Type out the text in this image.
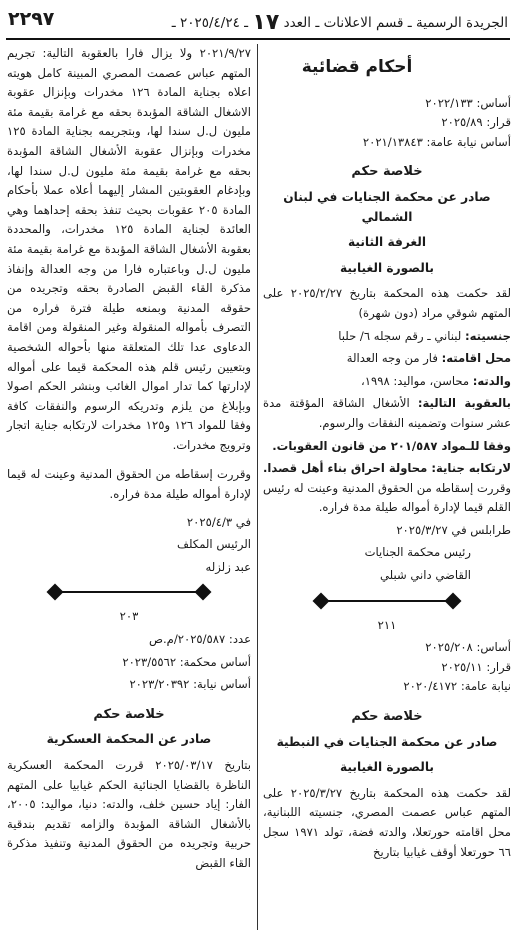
الجريدة الرسمية ـ قسم الاعلانات ـ العدد ١٧ ـ ٢٠٢٥/٤/٢٤ ـ
٢٢٩٧

أحكام قضائية

أساس: ٢٠٢٢/١٣٣

قرار: ٢٠٢٥/٨٩

أساس نيابة عامة: ٢٠٢١/١٣٨٤٣

خلاصة حكم

صادر عن محكمة الجنايات في لبنان الشمالي

الغرفة الثانية

بالصورة الغيابية

لقد حكمت هذه المحكمة بتاريخ ٢٠٢٥/٢/٢٧ على المتهم شوقي مراد (دون شهرة)

جنسيته: لبناني ـ رقم سجله ٦/ حلبا

محل اقامته: فار من وجه العدالة

والدته: محاسن، مواليد: ١٩٩٨،

بالعقوبة التالية: الأشغال الشاقة المؤقتة مدة عشر سنوات وتضمينه النفقات والرسوم.

وفقا للـمواد ٢٠١/٥٨٧ من قانون العقوبات.

لارتكابه جناية: محاولة احراق بناء أهل قصدا.

وقررت إسقاطه من الحقوق المدنية وعينت له رئيس القلم قيما لإدارة أمواله طيلة مدة فراره.

طرابلس في ٢٠٢٥/٣/٢٧

رئيس محكمة الجنايات

القاضي داني شبلي

٢١١

أساس: ٢٠٢٥/٢٠٨

قرار: ٢٠٢٥/١١

نيابة عامة: ٢٠٢٠/٤١٧٢

خلاصة حكم

صادر عن محكمة الجنايات في النبطية

بالصورة الغيابية

لقد حكمت هذه المحكمة بتاريخ ٢٠٢٥/٣/٢٧ على المتهم عباس عصمت المصري، جنسيته اللبنانية، محل اقامته حورتعلا، والدته فضة، تولد ١٩٧١ سجل ٦٦ حورتعلا أوقف غيابيا بتاريخ

٢٠٢١/٩/٢٧ ولا يزال فارا بالعقوبة التالية: تجريم المتهم عباس عصمت المصري المبينة كامل هويته اعلاه بجناية المادة ١٢٦ مخدرات وبإنزال عقوبة الاشغال الشاقة المؤبدة بحقه مع غرامة بقيمة مئة مليون ل.ل سندا لها، وبتجريمه بجناية المادة ١٢٥ مخدرات وبإنزال عقوبة الأشغال الشاقة المؤبدة بحقه مع غرامة بقيمة مئة مليون ل.ل سندا لها، وبإدغام العقوبتين المشار إليهما أعلاه عملا بأحكام المادة ٢٠٥ عقوبات بحيث تنفذ بحقه إحداهما وهي العائدة لجناية المادة ١٢٥ مخدرات، والمحددة بعقوبة الأشغال الشاقة المؤبدة مع غرامة بقيمة مئة مليون ل.ل وباعتباره فارا من وجه العدالة وإنفاذ مذكرة القاء القبض الصادرة بحقه وتجريده من حقوقه المدنية وبمنعه طيلة فترة فراره من التصرف بأمواله المنقولة وغير المنقولة ومن اقامة الدعاوى عدا تلك المتعلقة منها بأحواله الشخصية وبتعيين رئيس قلم هذه المحكمة قيما على أمواله لإدارتها كما تدار اموال الغائب وبنشر الحكم اصولا وبإبلاغ من يلزم وتدريكه الرسوم والنفقات كافة وفقا للمواد ١٢٦ و١٢٥ مخدرات لارتكابه جناية اتجار وترويج مخدرات.

وقررت إسقاطه من الحقوق المدنية وعينت له قيما لإدارة أمواله طيلة مدة فراره.

في ٢٠٢٥/٤/٣

الرئيس المكلف

عبد زلزله

٢٠٣

عدد: ٢٠٢٥/٥٨٧/م.ص

أساس محكمة: ٢٠٢٣/٥٥٦٢

أساس نيابة: ٢٠٢٣/٢٠٣٩٢

خلاصة حكم

صادر عن المحكمة العسكرية

بتاريخ ٢٠٢٥/٠٣/١٧ قررت المحكمة العسكرية الناظرة بالقضايا الجنائية الحكم غيابيا على المتهم الفار: إياد حسين خلف، والدته: دنيا، مواليد: ٢٠٠٥، بالأشغال الشاقة المؤبدة والزامه تقديم بندقية حربية وتجريده من الحقوق المدنية وتنفيذ مذكرة القاء القبض
